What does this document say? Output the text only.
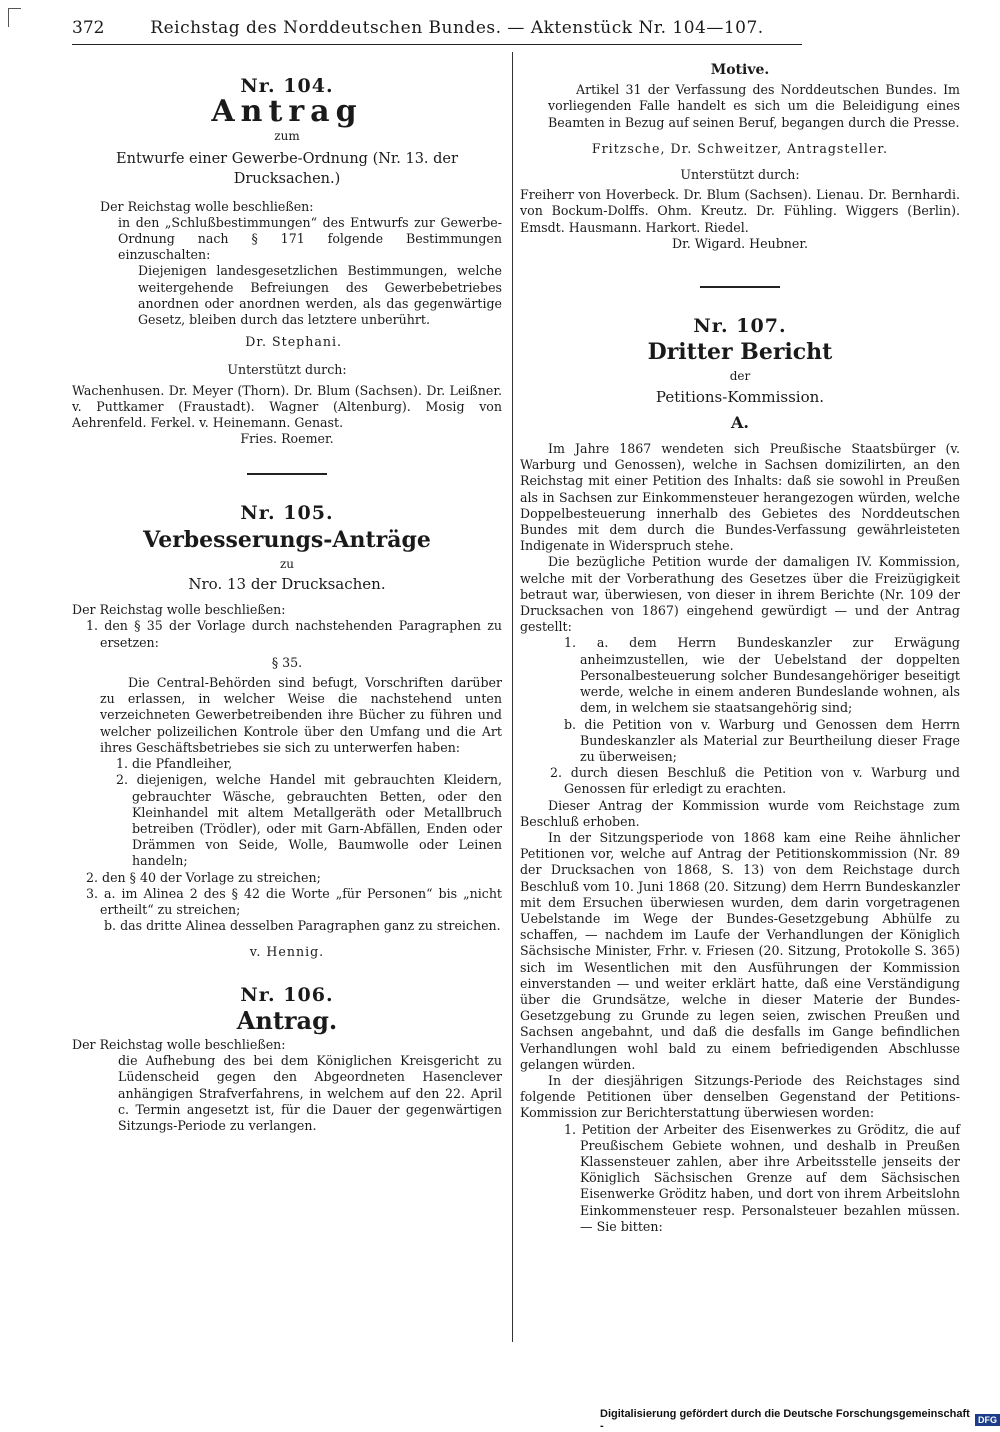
372	Reichstag des Norddeutschen Bundes. — Aktenstück Nr. 104—107.
Nr. 104.
Antrag
zum
Entwurfe einer Gewerbe-Ordnung (Nr. 13. der Drucksachen.)

Der Reichstag wolle beschließen:

in den „Schlußbestimmungen“ des Entwurfs zur Gewerbe-Ordnung nach § 171 folgende Bestimmungen einzuschalten:

Diejenigen landesgesetzlichen Bestimmungen, welche weitergehende Befreiungen des Gewerbebetriebes anordnen oder anordnen werden, als das gegenwärtige Gesetz, bleiben durch das letztere unberührt.

Dr. Stephani.
Unterstützt durch:

Wachenhusen. Dr. Meyer (Thorn). Dr. Blum (Sachsen). Dr. Leißner. v. Puttkamer (Fraustadt). Wagner (Altenburg). Mosig von Aehrenfeld. Ferkel. v. Heinemann. Genast.

Fries. Roemer.

Nr. 105.
Verbesserungs-Anträge
zu
Nro. 13 der Drucksachen.

Der Reichstag wolle beschließen:

1. den § 35 der Vorlage durch nachstehenden Paragraphen zu ersetzen:

§ 35.

Die Central-Behörden sind befugt, Vorschriften darüber zu erlassen, in welcher Weise die nachstehend unten verzeichneten Gewerbetreibenden ihre Bücher zu führen und welcher polizeilichen Kontrole über den Umfang und die Art ihres Geschäftsbetriebes sie sich zu unterwerfen haben:

1. die Pfandleiher,

2. diejenigen, welche Handel mit gebrauchten Kleidern, gebrauchter Wäsche, gebrauchten Betten, oder den Kleinhandel mit altem Metallgeräth oder Metallbruch betreiben (Trödler), oder mit Garn-Abfällen, Enden oder Drämmen von Seide, Wolle, Baumwolle oder Leinen handeln;

2. den § 40 der Vorlage zu streichen;

3. a. im Alinea 2 des § 42 die Worte „für Personen“ bis „nicht ertheilt“ zu streichen;

b. das dritte Alinea desselben Paragraphen ganz zu streichen.

v. Hennig.
Nr. 106.
Antrag.

Der Reichstag wolle beschließen:

die Aufhebung des bei dem Königlichen Kreisgericht zu Lüdenscheid gegen den Abgeordneten Hasenclever anhängigen Strafverfahrens, in welchem auf den 22. April c. Termin angesetzt ist, für die Dauer der gegenwärtigen Sitzungs-Periode zu verlangen.

Motive.

Artikel 31 der Verfassung des Norddeutschen Bundes. Im vorliegenden Falle handelt es sich um die Beleidigung eines Beamten in Bezug auf seinen Beruf, begangen durch die Presse.

Fritzsche, Dr. Schweitzer, Antragsteller.
Unterstützt durch:

Freiherr von Hoverbeck. Dr. Blum (Sachsen). Lienau. Dr. Bernhardi. von Bockum-Dolffs. Ohm. Kreutz. Dr. Fühling. Wiggers (Berlin). Emsdt. Hausmann. Harkort. Riedel.

Dr. Wigard. Heubner.

Nr. 107.
Dritter Bericht
der
Petitions-Kommission.
A.

Im Jahre 1867 wendeten sich Preußische Staatsbürger (v. Warburg und Genossen), welche in Sachsen domizilirten, an den Reichstag mit einer Petition des Inhalts: daß sie sowohl in Preußen als in Sachsen zur Einkommensteuer herangezogen würden, welche Doppelbesteuerung innerhalb des Gebietes des Norddeutschen Bundes mit dem durch die Bundes-Verfassung gewährleisteten Indigenate in Widerspruch stehe.

Die bezügliche Petition wurde der damaligen IV. Kommission, welche mit der Vorberathung des Gesetzes über die Freizügigkeit betraut war, überwiesen, von dieser in ihrem Berichte (Nr. 109 der Drucksachen von 1867) eingehend gewürdigt — und der Antrag gestellt:

1. a. dem Herrn Bundeskanzler zur Erwägung anheimzustellen, wie der Uebelstand der doppelten Personalbesteuerung solcher Bundesangehöriger beseitigt werde, welche in einem anderen Bundeslande wohnen, als dem, in welchem sie staatsangehörig sind;

b. die Petition von v. Warburg und Genossen dem Herrn Bundeskanzler als Material zur Beurtheilung dieser Frage zu überweisen;

2. durch diesen Beschluß die Petition von v. Warburg und Genossen für erledigt zu erachten.

Dieser Antrag der Kommission wurde vom Reichstage zum Beschluß erhoben.

In der Sitzungsperiode von 1868 kam eine Reihe ähnlicher Petitionen vor, welche auf Antrag der Petitionskommission (Nr. 89 der Drucksachen von 1868, S. 13) von dem Reichstage durch Beschluß vom 10. Juni 1868 (20. Sitzung) dem Herrn Bundeskanzler mit dem Ersuchen überwiesen wurden, dem darin vorgetragenen Uebelstande im Wege der Bundes-Gesetzgebung Abhülfe zu schaffen, — nachdem im Laufe der Verhandlungen der Königlich Sächsische Minister, Frhr. v. Friesen (20. Sitzung, Protokolle S. 365) sich im Wesentlichen mit den Ausführungen der Kommission einverstanden — und weiter erklärt hatte, daß eine Verständigung über die Grundsätze, welche in dieser Materie der Bundes-Gesetzgebung zu Grunde zu legen seien, zwischen Preußen und Sachsen angebahnt, und daß die desfalls im Gange befindlichen Verhandlungen wohl bald zu einem befriedigenden Abschlusse gelangen würden.

In der diesjährigen Sitzungs-Periode des Reichstages sind folgende Petitionen über denselben Gegenstand der Petitions-Kommission zur Berichterstattung überwiesen worden:

1. Petition der Arbeiter des Eisenwerkes zu Gröditz, die auf Preußischem Gebiete wohnen, und deshalb in Preußen Klassensteuer zahlen, aber ihre Arbeitsstelle jenseits der Königlich Sächsischen Grenze auf dem Sächsischen Eisenwerke Gröditz haben, und dort von ihrem Arbeitslohn Einkommensteuer resp. Personalsteuer bezahlen müssen. — Sie bitten:

Digitalisierung gefördert durch die Deutsche Forschungsgemeinschaft -	DFG
